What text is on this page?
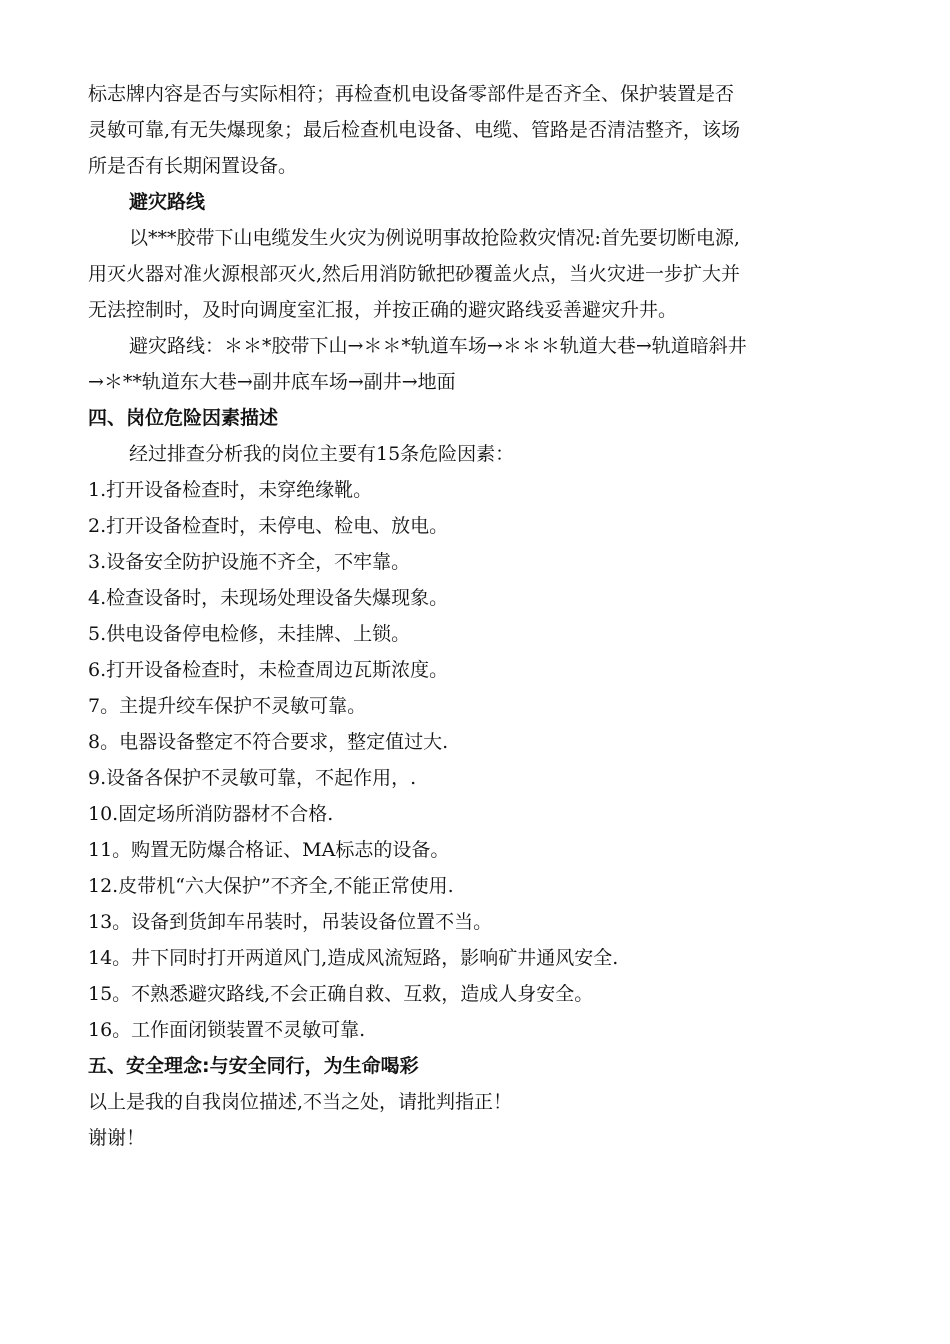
标志牌内容是否与实际相符；再检查机电设备零部件是否齐全、保护装置是否
灵敏可靠,有无失爆现象；最后检查机电设备、电缆、管路是否清洁整齐，该场
所是否有长期闲置设备。
避灾路线
以***胶带下山电缆发生火灾为例说明事故抢险救灾情况:首先要切断电源,
用灭火器对准火源根部灭火,然后用消防锨把砂覆盖火点，当火灾进一步扩大并
无法控制时，及时向调度室汇报，并按正确的避灾路线妥善避灾升井。
避灾路线：＊＊*胶带下山→＊＊*轨道车场→＊＊＊轨道大巷→轨道暗斜井
→＊**轨道东大巷→副井底车场→副井→地面
四、岗位危险因素描述
经过排查分析我的岗位主要有15条危险因素：
1.打开设备检查时，未穿绝缘靴。
2.打开设备检查时，未停电、检电、放电。
3.设备安全防护设施不齐全，不牢靠。
4.检查设备时，未现场处理设备失爆现象。
5.供电设备停电检修，未挂牌、上锁。
6.打开设备检查时，未检查周边瓦斯浓度。
7。主提升绞车保护不灵敏可靠。
8。电器设备整定不符合要求，整定值过大.
9.设备各保护不灵敏可靠，不起作用，.
10.固定场所消防器材不合格.
11。购置无防爆合格证、MA标志的设备。
12.皮带机“六大保护”不齐全,不能正常使用.
13。设备到货卸车吊装时，吊装设备位置不当。
14。井下同时打开两道风门,造成风流短路，影响矿井通风安全.
15。不熟悉避灾路线,不会正确自救、互救，造成人身安全。
16。工作面闭锁装置不灵敏可靠.
五、安全理念:与安全同行，为生命喝彩
以上是我的自我岗位描述,不当之处，请批判指正！
谢谢！
